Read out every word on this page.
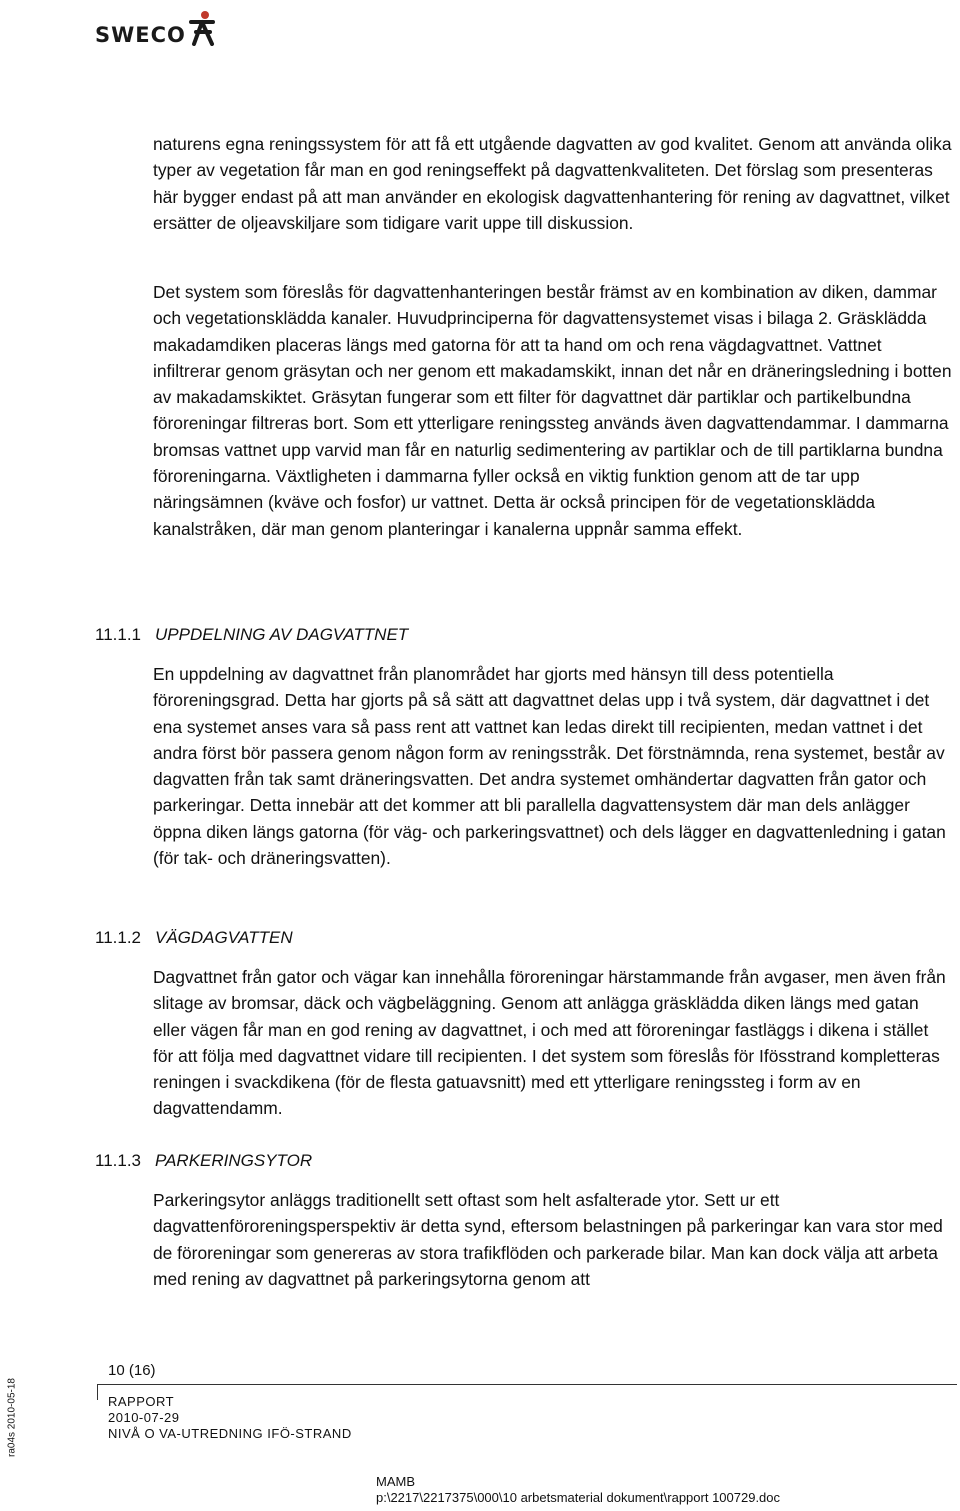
SWECO

naturens egna reningssystem för att få ett utgående dagvatten av god kvalitet. Genom att använda olika typer av vegetation får man en god reningseffekt på dagvattenkvaliteten. Det förslag som presenteras här bygger endast på att man använder en ekologisk dagvattenhantering för rening av dagvattnet, vilket ersätter de oljeavskiljare som tidigare varit uppe till diskussion.

Det system som föreslås för dagvattenhanteringen består främst av en kombination av diken, dammar och vegetationsklädda kanaler. Huvudprinciperna för dagvattensystemet visas i bilaga 2. Gräsklädda makadamdiken placeras längs med gatorna för att ta hand om och rena vägdagvattnet. Vattnet infiltrerar genom gräsytan och ner genom ett makadamskikt, innan det når en dräneringsledning i botten av makadamskiktet. Gräsytan fungerar som ett filter för dagvattnet där partiklar och partikelbundna föroreningar filtreras bort. Som ett ytterligare reningssteg används även dagvattendammar. I dammarna bromsas vattnet upp varvid man får en naturlig sedimentering av partiklar och de till partiklarna bundna föroreningarna. Växtligheten i dammarna fyller också en viktig funktion genom att de tar upp näringsämnen (kväve och fosfor) ur vattnet. Detta är också principen för de vegetationsklädda kanalstråken, där man genom planteringar i kanalerna uppnår samma effekt.

11.1.1 UPPDELNING AV DAGVATTNET

En uppdelning av dagvattnet från planområdet har gjorts med hänsyn till dess potentiella föroreningsgrad. Detta har gjorts på så sätt att dagvattnet delas upp i två system, där dagvattnet i det ena systemet anses vara så pass rent att vattnet kan ledas direkt till recipienten, medan vattnet i det andra först bör passera genom någon form av reningsstråk. Det förstnämnda, rena systemet, består av dagvatten från tak samt dräneringsvatten. Det andra systemet omhändertar dagvatten från gator och parkeringar. Detta innebär att det kommer att bli parallella dagvattensystem där man dels anlägger öppna diken längs gatorna (för väg- och parkeringsvattnet) och dels lägger en dagvattenledning i gatan (för tak- och dräneringsvatten).

11.1.2 VÄGDAGVATTEN

Dagvattnet från gator och vägar kan innehålla föroreningar härstammande från avgaser, men även från slitage av bromsar, däck och vägbeläggning. Genom att anlägga gräsklädda diken längs med gatan eller vägen får man en god rening av dagvattnet, i och med att föroreningar fastläggs i dikena i stället för att följa med dagvattnet vidare till recipienten. I det system som föreslås för Ifösstrand kompletteras reningen i svackdikena (för de flesta gatuavsnitt) med ett ytterligare reningssteg i form av en dagvattendamm.

11.1.3 PARKERINGSYTOR

Parkeringsytor anläggs traditionellt sett oftast som helt asfalterade ytor. Sett ur ett dagvattenföroreningsperspektiv är detta synd, eftersom belastningen på parkeringar kan vara stor med de föroreningar som genereras av stora trafikflöden och parkerade bilar. Man kan dock välja att arbeta med rening av dagvattnet på parkeringsytorna genom att

ra04s 2010-05-18
10 (16)
RAPPORT
2010-07-29
NIVÅ O VA-UTREDNING IFÖ-STRAND
MAMB
p:\2217\2217375\000\10 arbetsmaterial dokument\rapport 100729.doc
